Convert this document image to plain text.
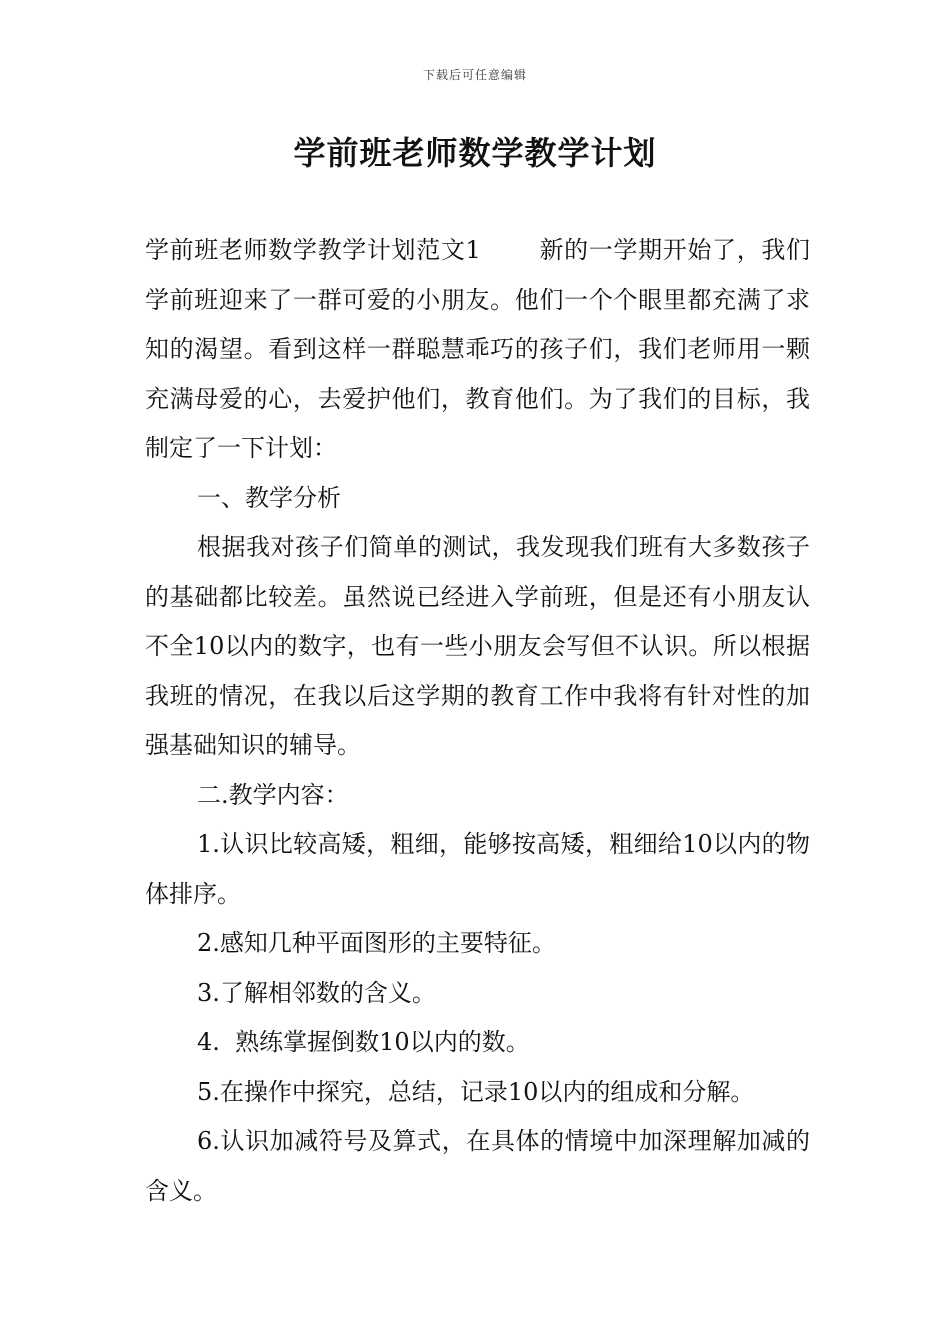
下载后可任意编辑
学前班老师数学教学计划

学前班老师数学教学计划范文1 新的一学期开始了，我们学前班迎来了一群可爱的小朋友。他们一个个眼里都充满了求知的渴望。看到这样一群聪慧乖巧的孩子们，我们老师用一颗充满母爱的心，去爱护他们，教育他们。为了我们的目标，我制定了一下计划：

一、教学分析

根据我对孩子们简单的测试，我发现我们班有大多数孩子的基础都比较差。虽然说已经进入学前班，但是还有小朋友认不全10以内的数字，也有一些小朋友会写但不认识。所以根据我班的情况，在我以后这学期的教育工作中我将有针对性的加强基础知识的辅导。

二.教学内容：

1.认识比较高矮，粗细，能够按高矮，粗细给10以内的物体排序。

2.感知几种平面图形的主要特征。

3.了解相邻数的含义。

4.  熟练掌握倒数10以内的数。

5.在操作中探究，总结，记录10以内的组成和分解。

6.认识加减符号及算式，在具体的情境中加深理解加减的含义。
